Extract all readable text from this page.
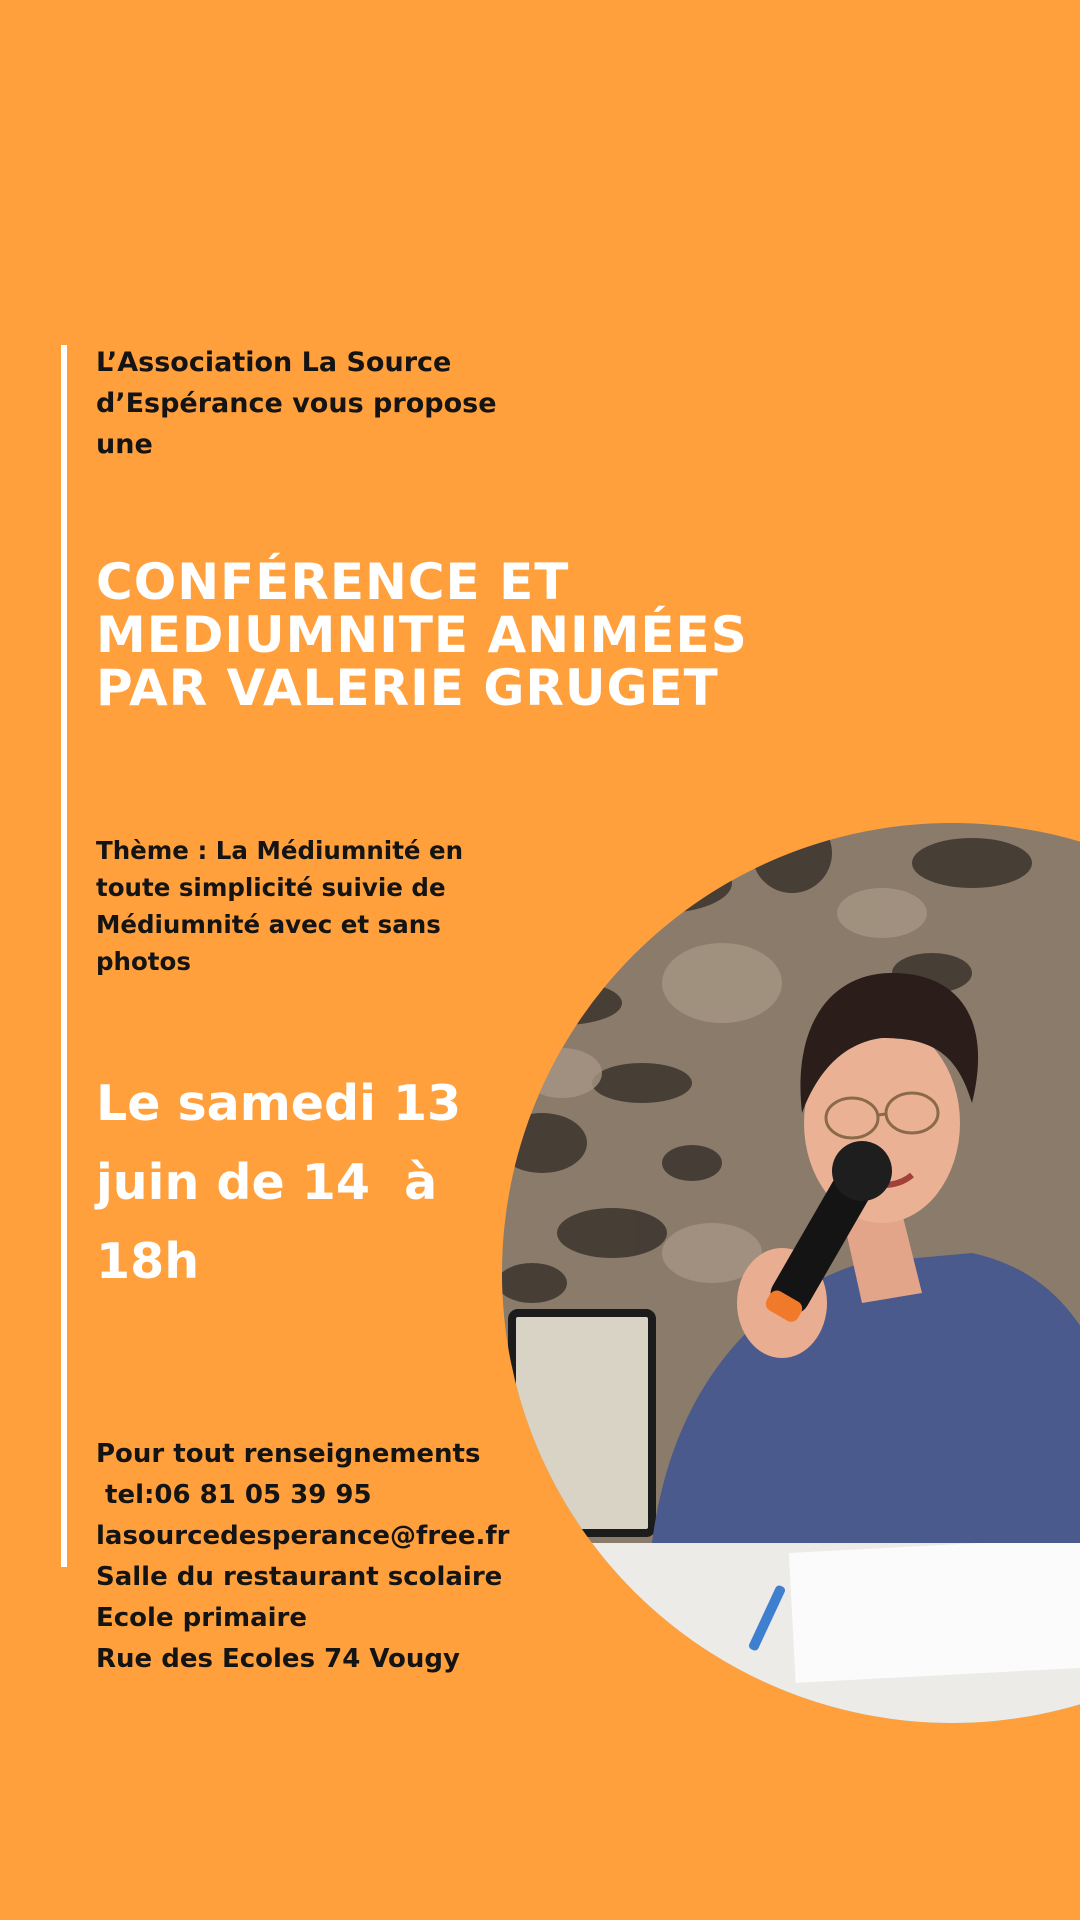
L’Association La Source
d’Espérance vous propose
une
CONFÉRENCE ET
MEDIUMNITE ANIMÉES
PAR VALERIE GRUGET
Thème : La Médiumnité en
toute simplicité suivie de
Médiumnité avec et sans
photos
Le samedi 13
juin de 14  à
18h
Pour tout renseignements
tel:06 81 05 39 95
lasourcedesperance@free.fr
Salle du restaurant scolaire
Ecole primaire
Rue des Ecoles 74 Vougy
